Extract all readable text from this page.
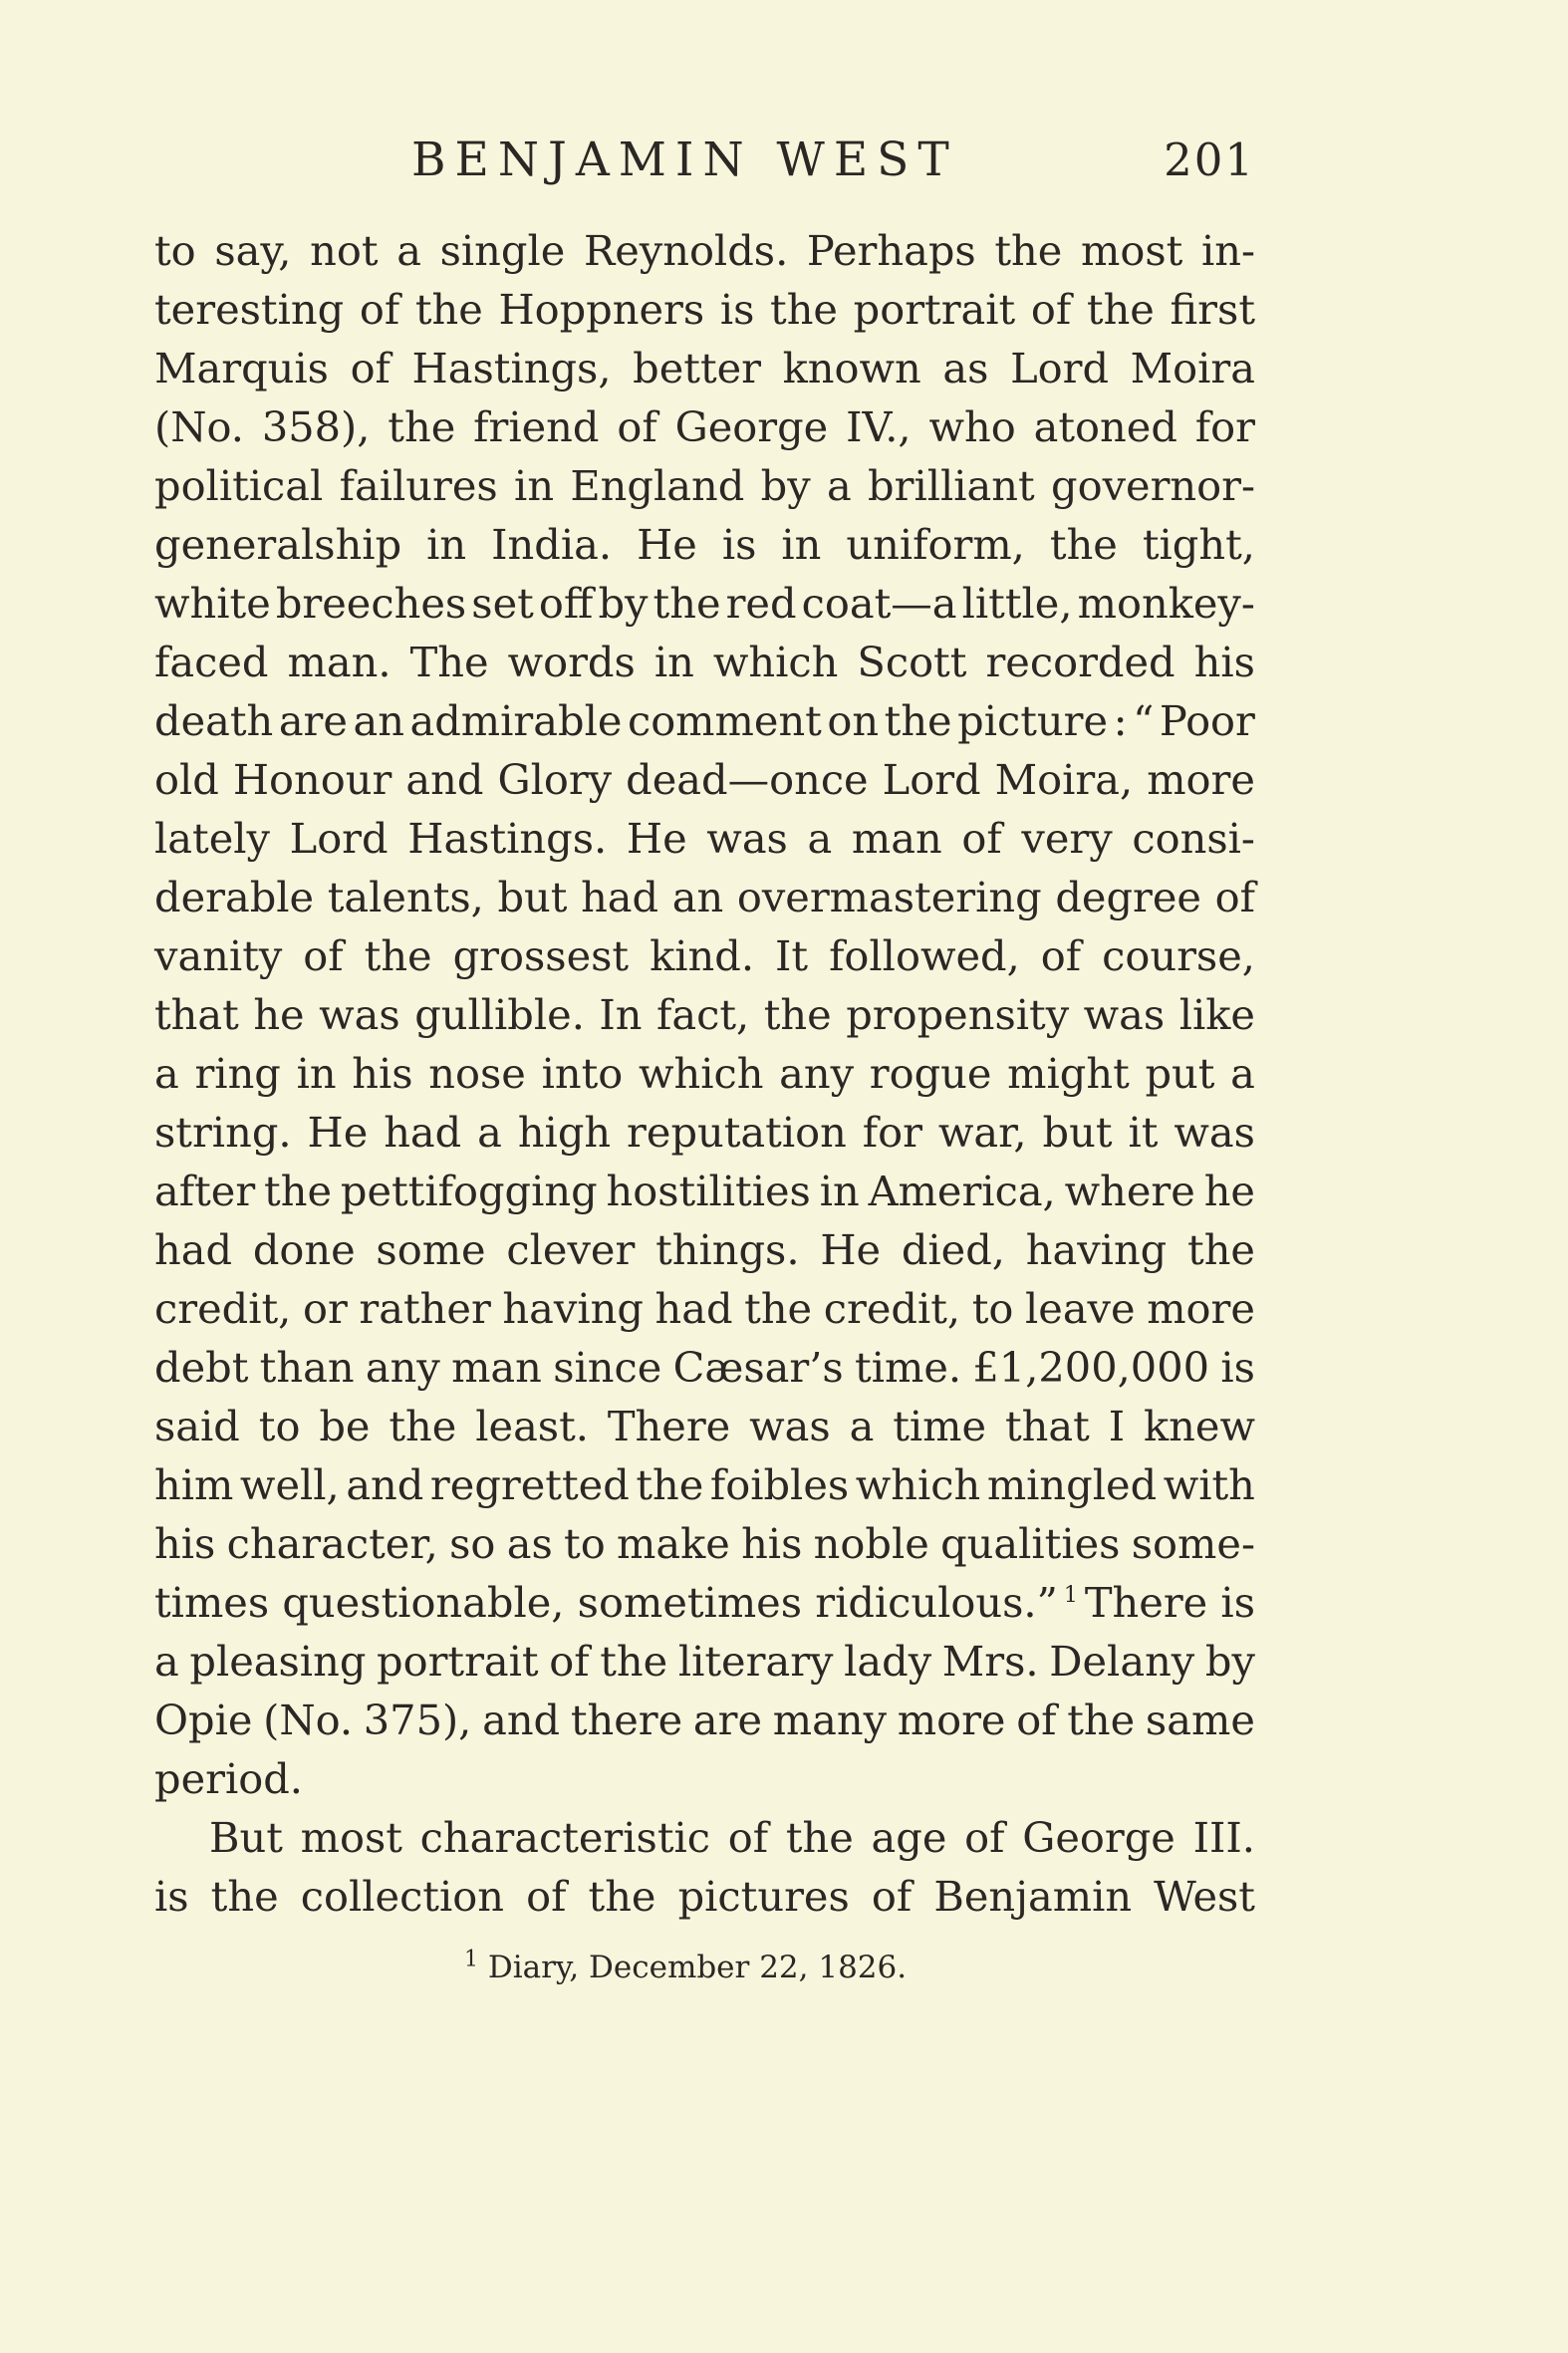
BENJAMIN WEST	201
to say, not a single Reynolds. Perhaps the most in-
teresting of the Hoppners is the portrait of the first
Marquis of Hastings, better known as Lord Moira
(No. 358), the friend of George IV., who atoned for
political failures in England by a brilliant governor-
generalship in India. He is in uniform, the tight,
white breeches set off by the red coat—a little, monkey-
faced man. The words in which Scott recorded his
death are an admirable comment on the picture : “ Poor
old Honour and Glory dead—once Lord Moira, more
lately Lord Hastings. He was a man of very consi-
derable talents, but had an overmastering degree of
vanity of the grossest kind. It followed, of course,
that he was gullible. In fact, the propensity was like
a ring in his nose into which any rogue might put a
string. He had a high reputation for war, but it was
after the pettifogging hostilities in America, where he
had done some clever things. He died, having the
credit, or rather having had the credit, to leave more
debt than any man since Cæsar’s time. £1,200,000 is
said to be the least. There was a time that I knew
him well, and regretted the foibles which mingled with
his character, so as to make his noble qualities some-
times questionable, sometimes ridiculous.” $^1$ There is
a pleasing portrait of the literary lady Mrs. Delany by
Opie (No. 375), and there are many more of the same
period.
But most characteristic of the age of George III.
is the collection of the pictures of Benjamin West
$^1$ Diary, December 22, 1826.
